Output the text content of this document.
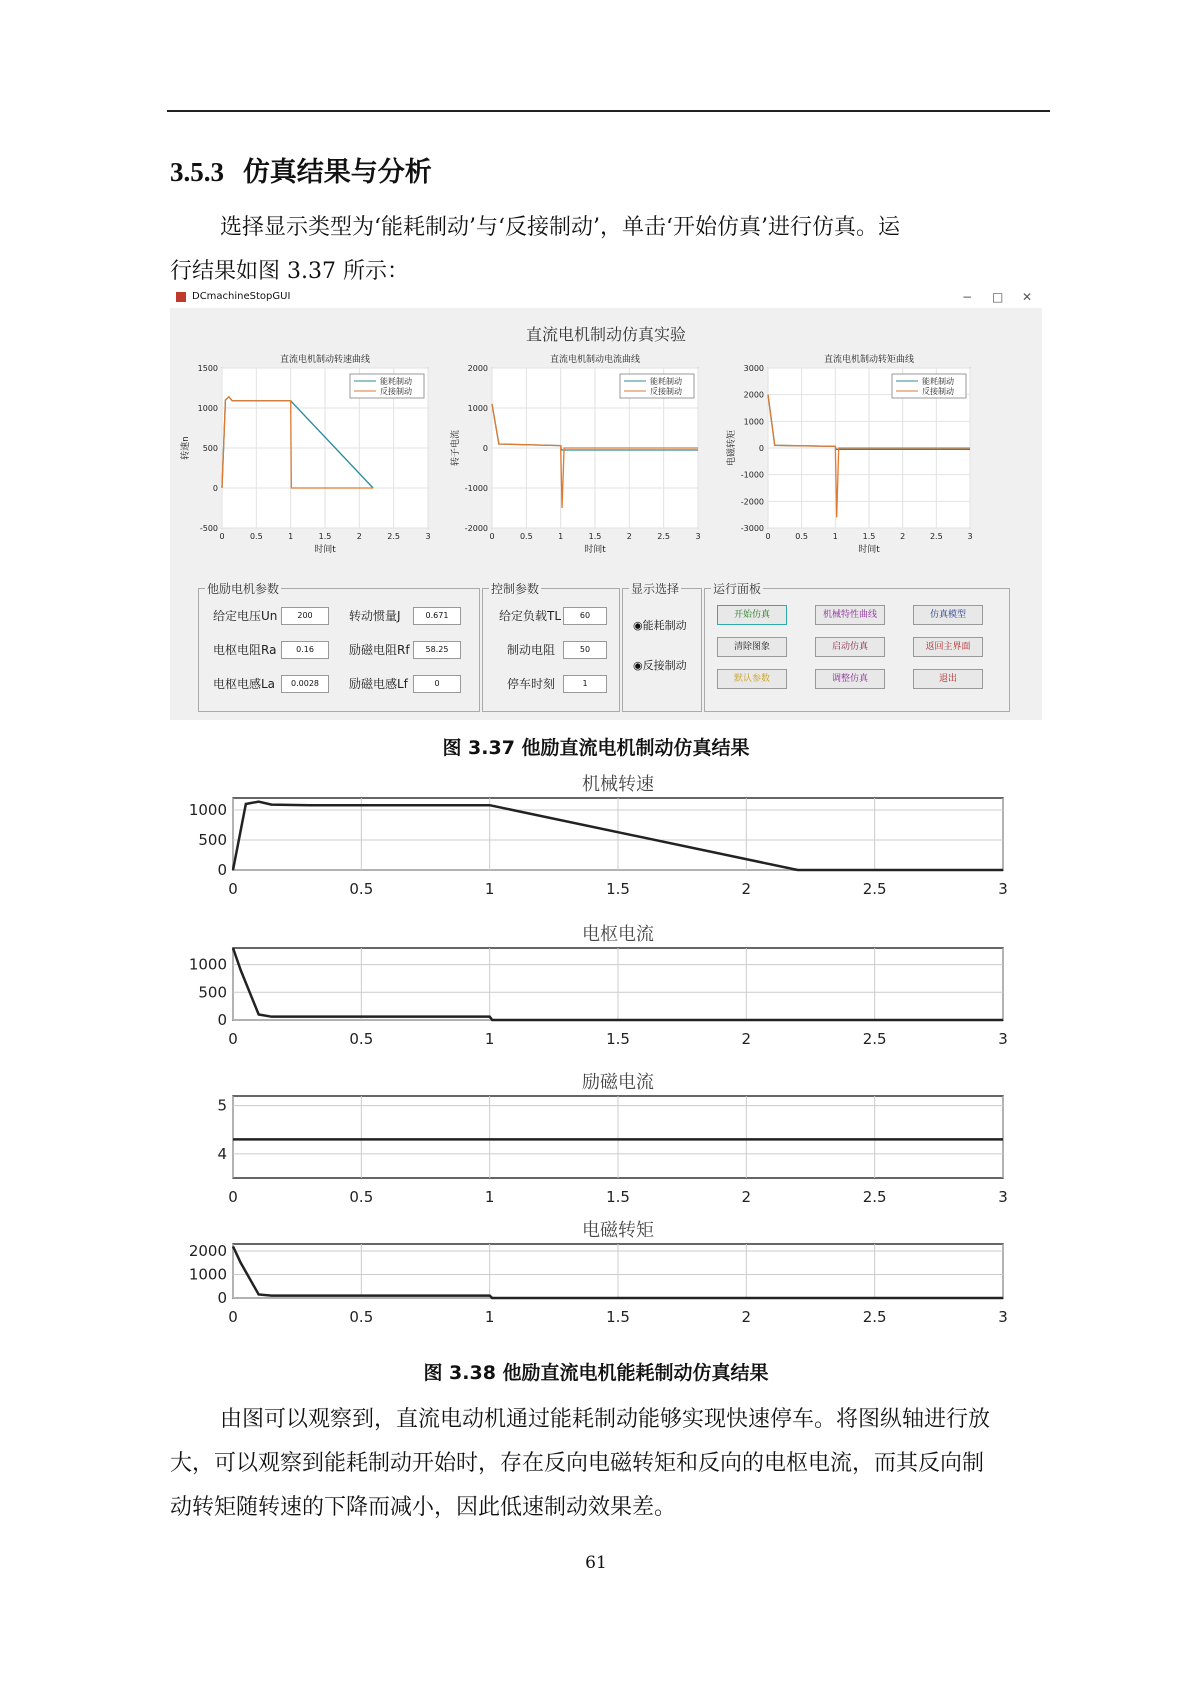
3.5.3 仿真结果与分析
选择显示类型为‘能耗制动’与‘反接制动’，单击‘开始仿真’进行仿真。运
行结果如图 3.37 所示：
DCmachineStopGUI	− □ ✕
直流电机制动仿真实验
直流电机制动转速曲线
时间t
转速n
0	0.5	1	1.5	2	2.5	3
1500
1000
500
0
-500
能耗制动
反接制动
直流电机制动电流曲线
时间t
转子电流
0	0.5	1	1.5	2	2.5	3
2000
1000
0
-1000
-2000
能耗制动
反接制动
直流电机制动转矩曲线
时间t
电磁转矩
0	0.5	1	1.5	2	2.5	3
3000
2000
1000
0
-1000
-2000
-3000
能耗制动
反接制动
他励电机参数
给定电压Un	200	转动惯量J	0.671
电枢电阻Ra	0.16	励磁电阻Rf	58.25
电枢电感La	0.0028	励磁电感Lf	0
控制参数
给定负载TL	60
制动电阻	50
停车时刻	1
显示选择
◉能耗制动
◉反接制动
运行面板
开始仿真	机械特性曲线	仿真模型
清除图象	启动仿真	返回主界面
默认参数	调整仿真	退出
图 3.37 他励直流电机制动仿真结果
机械转速
0	0.5	1	1.5	2	2.5	3
1000
500
0
电枢电流
0	0.5	1	1.5	2	2.5	3
1000
500
0
励磁电流
0	0.5	1	1.5	2	2.5	3
5
4
电磁转矩
0	0.5	1	1.5	2	2.5	3
2000
1000
0
图 3.38 他励直流电机能耗制动仿真结果
由图可以观察到，直流电动机通过能耗制动能够实现快速停车。将图纵轴进行放
大，可以观察到能耗制动开始时，存在反向电磁转矩和反向的电枢电流，而其反向制
动转矩随转速的下降而减小，因此低速制动效果差。
61
